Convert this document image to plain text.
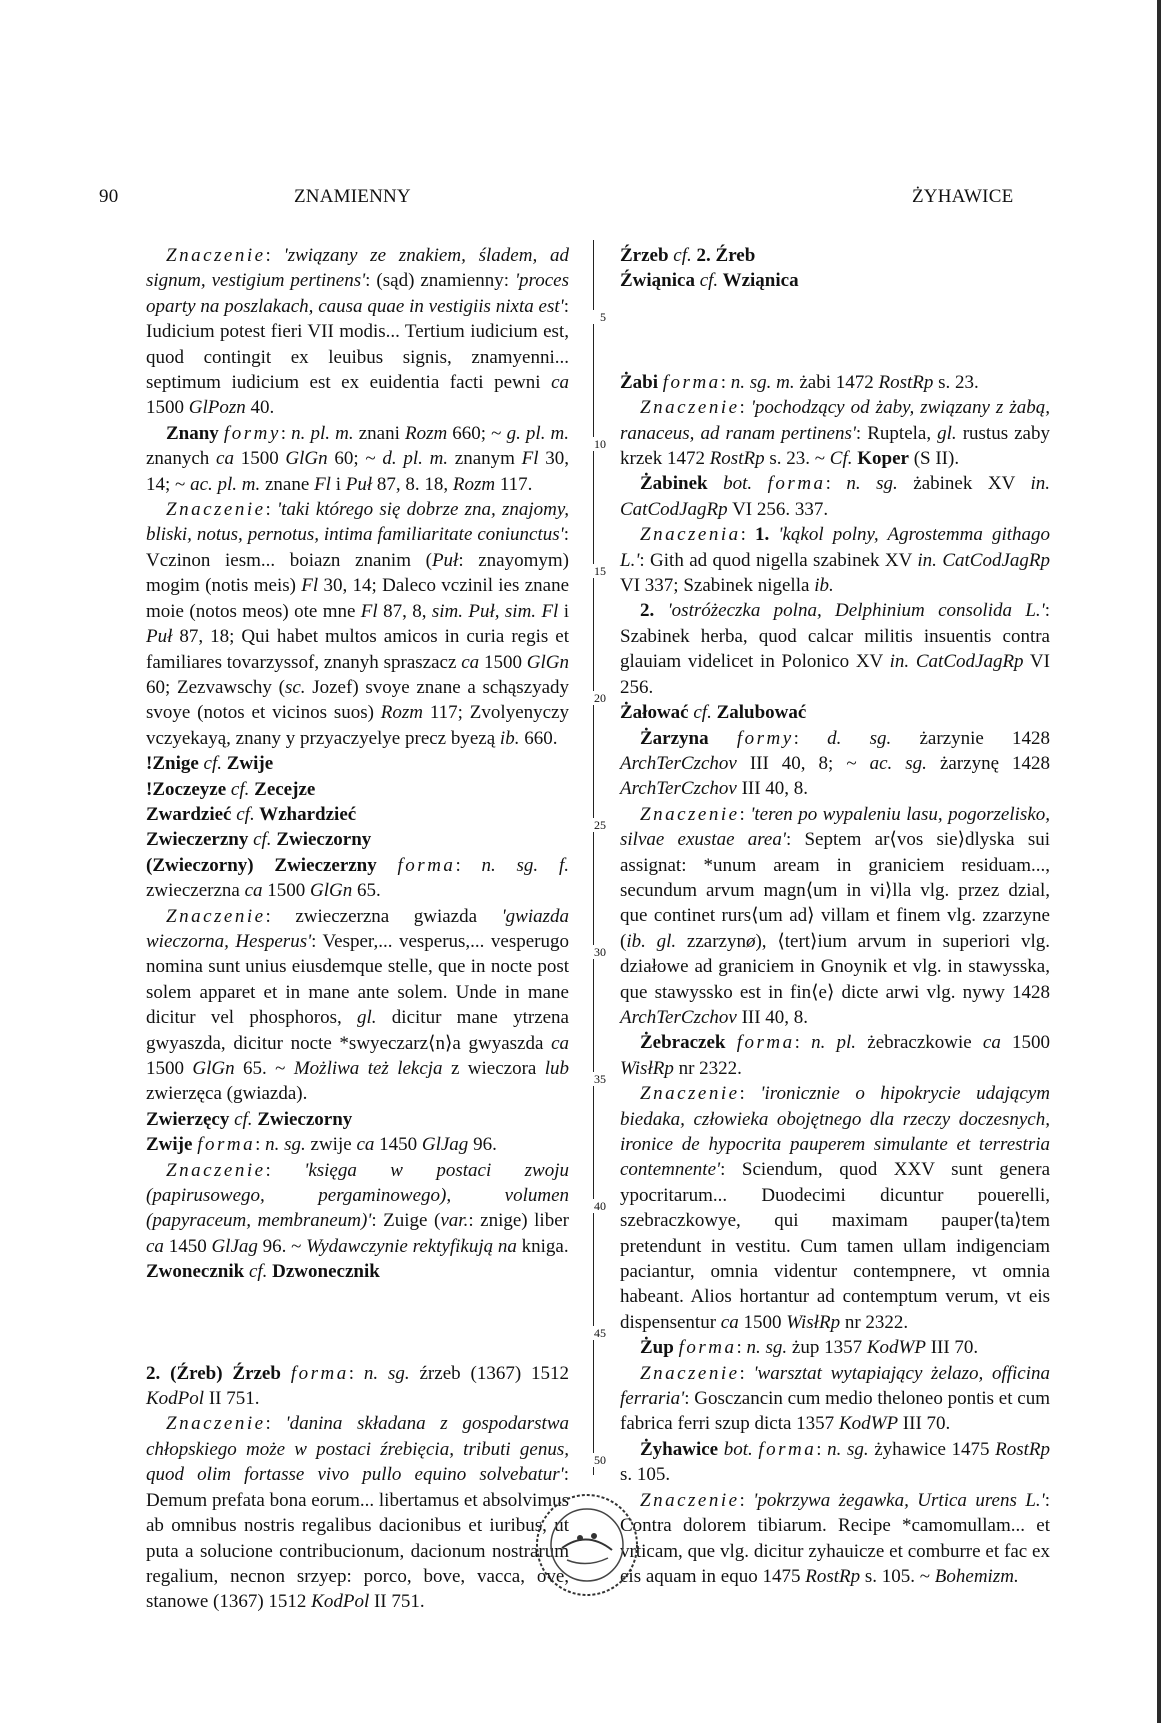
90	ZNAMIENNY	ŻYHAWICE
5
10
15
20
25
30
35
40
45
50

Znaczenie: 'związany ze znakiem, śladem, ad signum, vestigium pertinens': (sąd) znamienny: 'proces oparty na poszlakach, causa quae in vestigiis nixta est': Iudicium potest fieri VII modis... Tertium iudicium est, quod contingit ex leuibus signis, znamyenni... septimum iudicium est ex euidentia facti pewni ca 1500 GlPozn 40.

Znany formy: n. pl. m. znani Rozm 660; ~ g. pl. m. znanych ca 1500 GlGn 60; ~ d. pl. m. znanym Fl 30, 14; ~ ac. pl. m. znane Fl i Puł 87, 8. 18, Rozm 117.

Znaczenie: 'taki którego się dobrze zna, znajomy, bliski, notus, pernotus, intima familiaritate coniunctus': Vczinon iesm... boiazn znanim (Puł: znayomym) mogim (notis meis) Fl 30, 14; Daleco vczinil ies znane moie (notos meos) ote mne Fl 87, 8, sim. Puł, sim. Fl i Puł 87, 18; Qui habet multos amicos in curia regis et familiares tovarzyssof, znanyh spraszacz ca 1500 GlGn 60; Zezvawschy (sc. Jozef) svoye znane a schąszyady svoye (notos et vicinos suos) Rozm 117; Zvolyenyczy vczyekayą, znany y przyaczyelye precz byezą ib. 660.

!Znige cf. Zwije

!Zoczeyze cf. Zecejze

Zwardzieć cf. Wzhardzieć

Zwieczerzny cf. Zwieczorny

(Zwieczorny) Zwieczerzny forma: n. sg. f. zwieczerzna ca 1500 GlGn 65.

Znaczenie: zwieczerzna gwiazda 'gwiazda wieczorna, Hesperus': Vesper,... vesperus,... vesperugo nomina sunt unius eiusdemque stelle, que in nocte post solem apparet et in mane ante solem. Unde in mane dicitur vel phosphoros, gl. dicitur mane ytrzena gwyaszda, dicitur nocte *swyeczarz⟨n⟩a gwyaszda ca 1500 GlGn 65. ~ Możliwa też lekcja z wieczora lub zwierzęca (gwiazda).

Zwierzęcy cf. Zwieczorny

Zwije forma: n. sg. zwije ca 1450 GlJag 96.

Znaczenie: 'księga w postaci zwoju (papirusowego, pergaminowego), volumen (papyraceum, membraneum)': Zuige (var.: znige) liber ca 1450 GlJag 96. ~ Wydawczynie rektyfikują na kniga.

Zwonecznik cf. Dzwonecznik

2. (Źreb) Źrzeb forma: n. sg. źrzeb (1367) 1512 KodPol II 751.

Znaczenie: 'danina składana z gospodarstwa chłopskiego może w postaci źrebięcia, tributi genus, quod olim fortasse vivo pullo equino solvebatur': Demum prefata bona eorum... libertamus et absolvimus ab omnibus nostris regalibus dacionibus et iuribus, ut puta a solucione contribucionum, dacionum nostrarum regalium, necnon srzyep: porco, bove, vacca, ove, stanowe (1367) 1512 KodPol II 751.

Źrzeb cf. 2. Źreb

Źwiąnica cf. Wziąnica

Żabi forma: n. sg. m. żabi 1472 RostRp s. 23.

Znaczenie: 'pochodzący od żaby, związany z żabą, ranaceus, ad ranam pertinens': Ruptela, gl. rustus zaby krzek 1472 RostRp s. 23. ~ Cf. Koper (S II).

Żabinek bot. forma: n. sg. żabinek XV in. CatCodJagRp VI 256. 337.

Znaczenia: 1. 'kąkol polny, Agrostemma githago L.': Gith ad quod nigella szabinek XV in. CatCodJagRp VI 337; Szabinek nigella ib.

2. 'ostróżeczka polna, Delphinium consolida L.': Szabinek herba, quod calcar militis insuentis contra glauiam videlicet in Polonico XV in. CatCodJagRp VI 256.

Żałować cf. Zalubować

Żarzyna formy: d. sg. żarzynie 1428 ArchTerCzchov III 40, 8; ~ ac. sg. żarzynę 1428 ArchTerCzchov III 40, 8.

Znaczenie: 'teren po wypaleniu lasu, pogorzelisko, silvae exustae area': Septem ar⟨vos sie⟩dlyska sui assignat: *unum aream in graniciem residuam..., secundum arvum magn⟨um in vi⟩lla vlg. przez dzial, que continet rurs⟨um ad⟩ villam et finem vlg. zzarzyne (ib. gl. zzarzynø), ⟨tert⟩ium arvum in superiori vlg. działowe ad graniciem in Gnoynik et vlg. in stawysska, que stawyssko est in fin⟨e⟩ dicte arwi vlg. nywy 1428 ArchTerCzchov III 40, 8.

Żebraczek forma: n. pl. żebraczkowie ca 1500 WisłRp nr 2322.

Znaczenie: 'ironicznie o hipokrycie udającym biedaka, człowieka obojętnego dla rzeczy doczesnych, ironice de hypocrita pauperem simulante et terrestria contemnente': Sciendum, quod XXV sunt genera ypocritarum... Duodecimi dicuntur pouerelli, szebraczkowye, qui maximam pauper⟨ta⟩tem pretendunt in vestitu. Cum tamen ullam indigenciam paciantur, omnia videntur contempnere, vt omnia habeant. Alios hortantur ad contemptum verum, vt eis dispensentur ca 1500 WisłRp nr 2322.

Żup forma: n. sg. żup 1357 KodWP III 70.

Znaczenie: 'warsztat wytapiający żelazo, officina ferraria': Gosczancin cum medio theloneo pontis et cum fabrica ferri szup dicta 1357 KodWP III 70.

Żyhawice bot. forma: n. sg. żyhawice 1475 RostRp s. 105.

Znaczenie: 'pokrzywa żegawka, Urtica urens L.': Contra dolorem tibiarum. Recipe *camomullam... et vrticam, que vlg. dicitur zyhauicze et comburre et fac ex eis aquam in equo 1475 RostRp s. 105. ~ Bohemizm.
